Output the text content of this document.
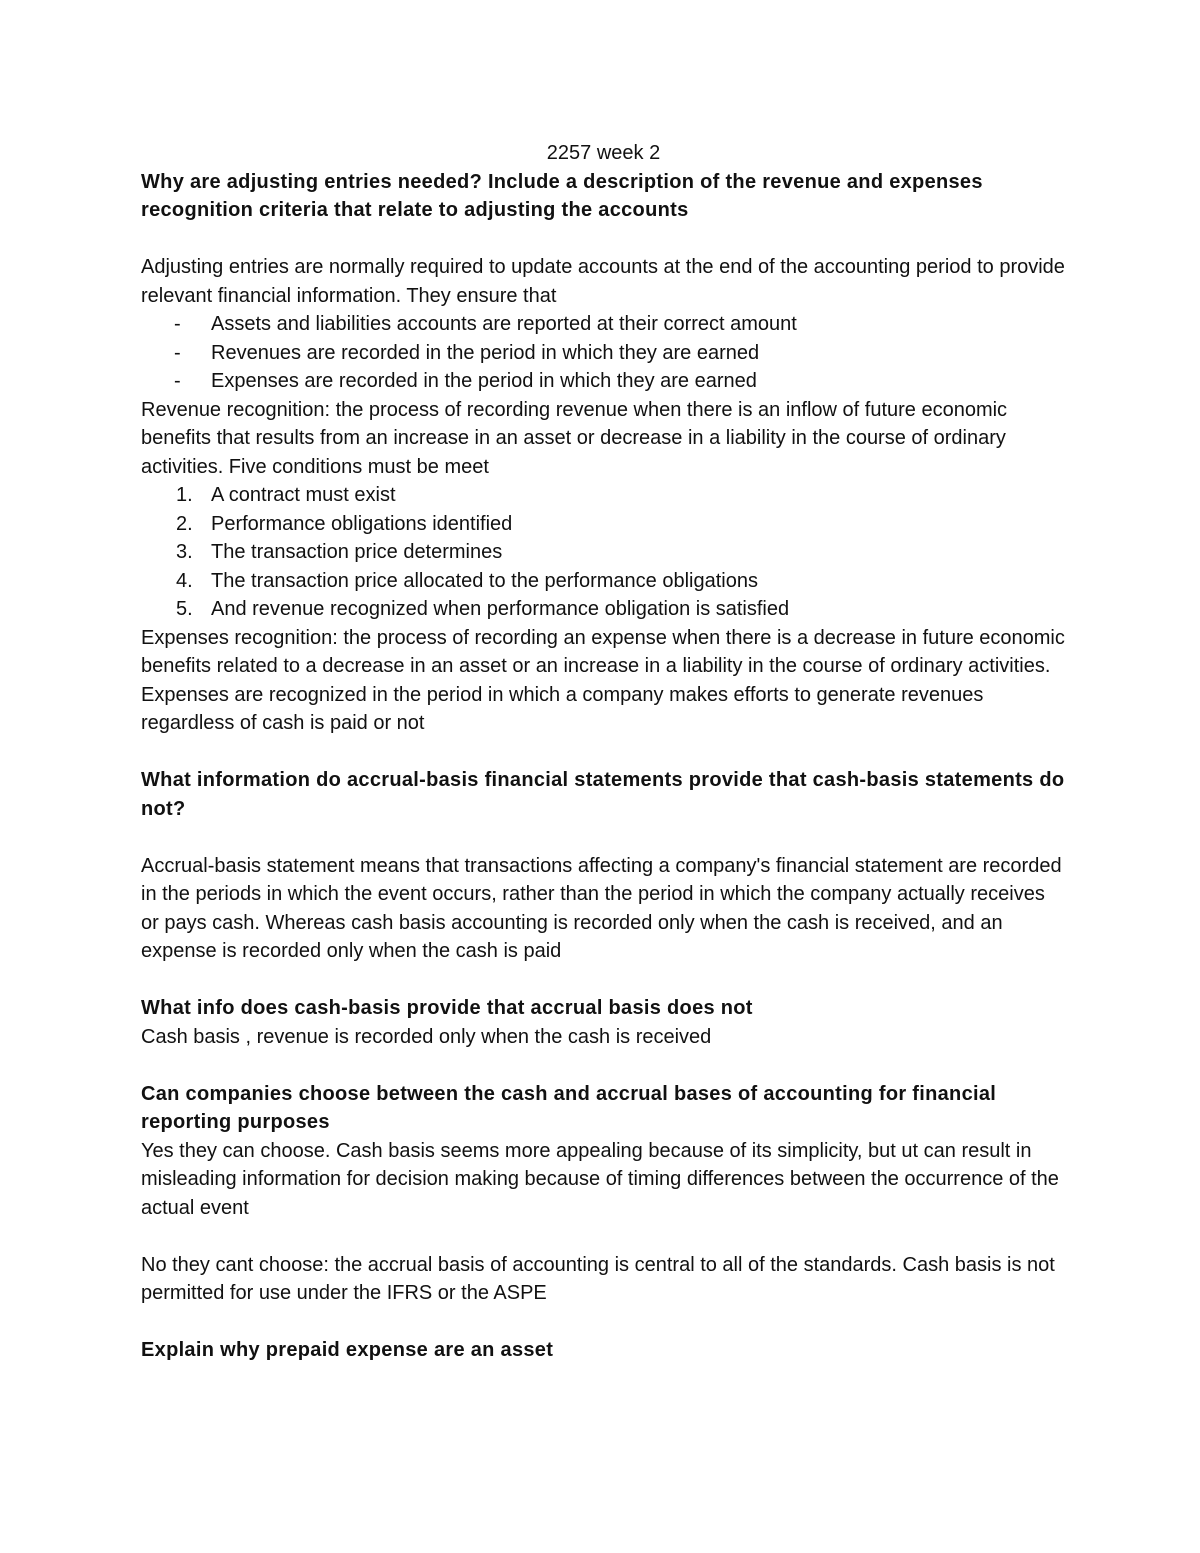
2257 week 2

Why are adjusting entries needed? Include a description of the revenue and expenses recognition criteria that relate to adjusting the accounts

Adjusting entries are normally required to update accounts at the end of the accounting period to provide relevant financial information. They ensure that

- Assets and liabilities accounts are reported at their correct amount
- Revenues are recorded in the period in which they are earned
- Expenses are recorded in the period in which they are earned

Revenue recognition: the process of recording revenue when there is an inflow of future economic benefits that results from an increase in an asset or decrease in a liability in the course of ordinary activities. Five conditions must be meet

1. A contract must exist
2. Performance obligations identified
3. The transaction price determines
4. The transaction price allocated to the performance obligations
5. And revenue recognized when performance obligation is satisfied

Expenses recognition: the process of recording an expense when there is a decrease in future economic benefits related to a decrease in an asset or an increase in a liability in the course of ordinary activities. Expenses are recognized in the period in which a company makes efforts to generate revenues regardless of cash is paid or not

What information do accrual-basis financial statements provide that cash-basis statements do not?

Accrual-basis statement means that transactions affecting a company's financial statement are recorded in the periods in which the event occurs, rather than the period in which the company actually receives or pays cash. Whereas cash basis accounting is recorded only when the cash is received, and an expense is recorded only when the cash is paid

What info does cash-basis provide that accrual basis does not

Cash basis , revenue is recorded only when the cash is received

Can companies choose between the cash and accrual bases of accounting for financial reporting purposes

Yes they can choose. Cash basis seems more appealing because of its simplicity, but ut can result in misleading information for decision making because of timing differences between the occurrence of the actual event

No they cant choose: the accrual basis of accounting is central to all of the standards. Cash basis is not permitted for use under the IFRS or the ASPE

Explain why prepaid expense are an asset
